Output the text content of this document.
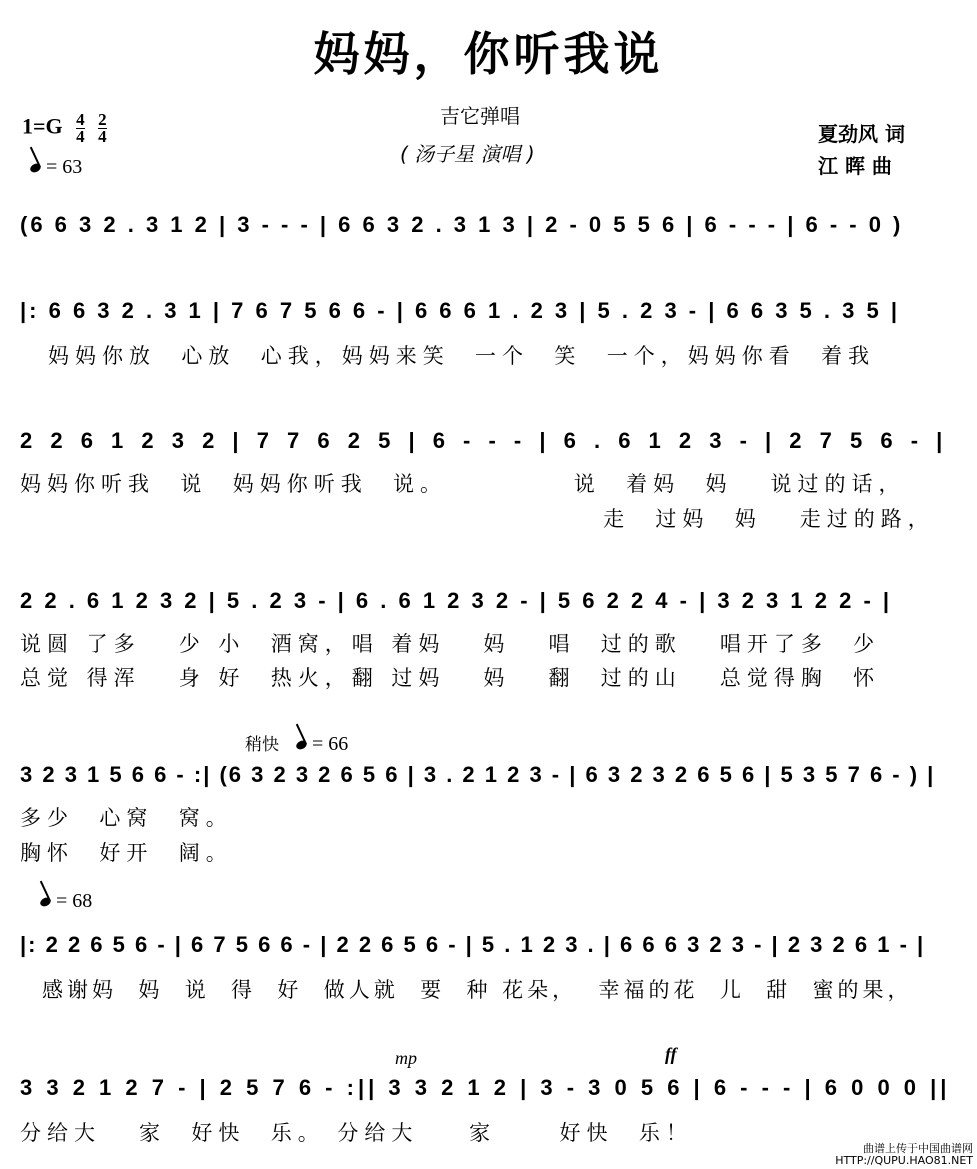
妈妈，你听我说
$1=G \frac{4}{4}$
$\frac{2}{4}$
= 63
吉它弹唱
( 汤子星 演唱 )
夏劲风 词
江 晖 曲
(6 6 3 2 . 3 1 2 | 3 - - - | 6 6 3 2 . 3 1 3 | 2 - 0 5 5 6 | 6 - - - | 6 - - 0 )
|: 6 6 3 2 . 3 1 | 7 6 7 5 6 6 - | 6 6 6 1 . 2 3 | 5 . 2 3 - | 6 6 3 5 . 3 5 |
妈妈你放  心放  心我，妈妈来笑  一个  笑  一个，妈妈你看  着我
2 2 6 1 2 3 2 | 7 7 6 2 5 | 6 - - - | 6 . 6 1 2 3 - | 2 7 5 6 - |
妈妈你听我  说  妈妈你听我  说。          说  着妈  妈   说过的话，
走  过妈  妈   走过的路，
2 2 . 6 1 2 3 2 | 5 . 2 3 - | 6 . 6 1 2 3 2 - | 5 6 2 2 4 - | 3 2 3 1 2 2 - |
说圆 了多   少 小  酒窝，唱 着妈   妈   唱  过的歌   唱开了多  少
总觉 得浑   身 好  热火，翻 过妈   妈   翻  过的山   总觉得胸  怀
稍快 = 66
3 2 3 1 5 6 6 - :| (6 3 2 3 2 6 5 6 | 3 . 2 1 2 3 - | 6 3 2 3 2 6 5 6 | 5 3 5 7 6 - ) |
多少  心窝  窝。
胸怀  好开  阔。
= 68
|: 2 2 6 5 6 - | 6 7 5 6 6 - | 2 2 6 5 6 - | 5 . 1 2 3 . | 6 6 6 3 2 3 - | 2 3 2 6 1 - |
感谢妈  妈  说  得  好  做人就  要  种 花朵，  幸福的花  儿  甜  蜜的果，
mp	ff
3 3 2 1 2 7 - | 2 5 7 6 - :|| 3 3 2 1 2 | 3 - 3 0 5 6 | 6 - - - | 6 0 0 0 ||
分给大   家  好快  乐。 分给大    家     好快  乐！
曲谱上传于中国曲谱网
HTTP://QUPU.HAO81.NET
